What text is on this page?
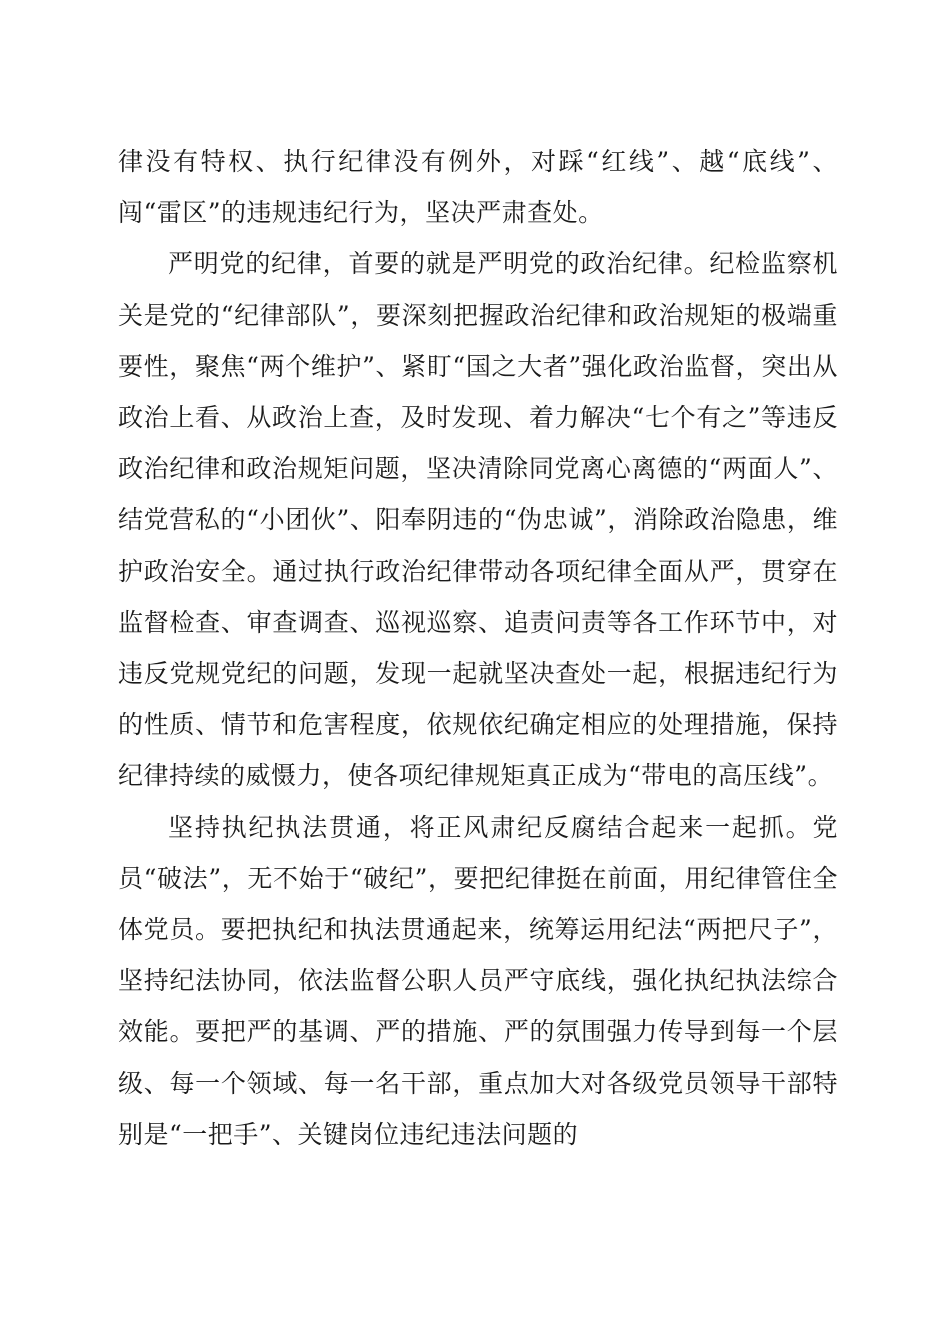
律没有特权、执行纪律没有例外，对踩“红线”、越“底线”、闯“雷区”的违规违纪行为，坚决严肃查处。

严明党的纪律，首要的就是严明党的政治纪律。纪检监察机关是党的“纪律部队”，要深刻把握政治纪律和政治规矩的极端重要性，聚焦“两个维护”、紧盯“国之大者”强化政治监督，突出从政治上看、从政治上查，及时发现、着力解决“七个有之”等违反政治纪律和政治规矩问题，坚决清除同党离心离德的“两面人”、结党营私的“小团伙”、阳奉阴违的“伪忠诚”，消除政治隐患，维护政治安全。通过执行政治纪律带动各项纪律全面从严，贯穿在监督检查、审查调查、巡视巡察、追责问责等各工作环节中，对违反党规党纪的问题，发现一起就坚决查处一起，根据违纪行为的性质、情节和危害程度，依规依纪确定相应的处理措施，保持纪律持续的威慑力，使各项纪律规矩真正成为“带电的高压线”。

坚持执纪执法贯通，将正风肃纪反腐结合起来一起抓。党员“破法”，无不始于“破纪”，要把纪律挺在前面，用纪律管住全体党员。要把执纪和执法贯通起来，统筹运用纪法“两把尺子”，坚持纪法协同，依法监督公职人员严守底线，强化执纪执法综合效能。要把严的基调、严的措施、严的氛围强力传导到每一个层级、每一个领域、每一名干部，重点加大对各级党员领导干部特别是“一把手”、关键岗位违纪违法问题的
